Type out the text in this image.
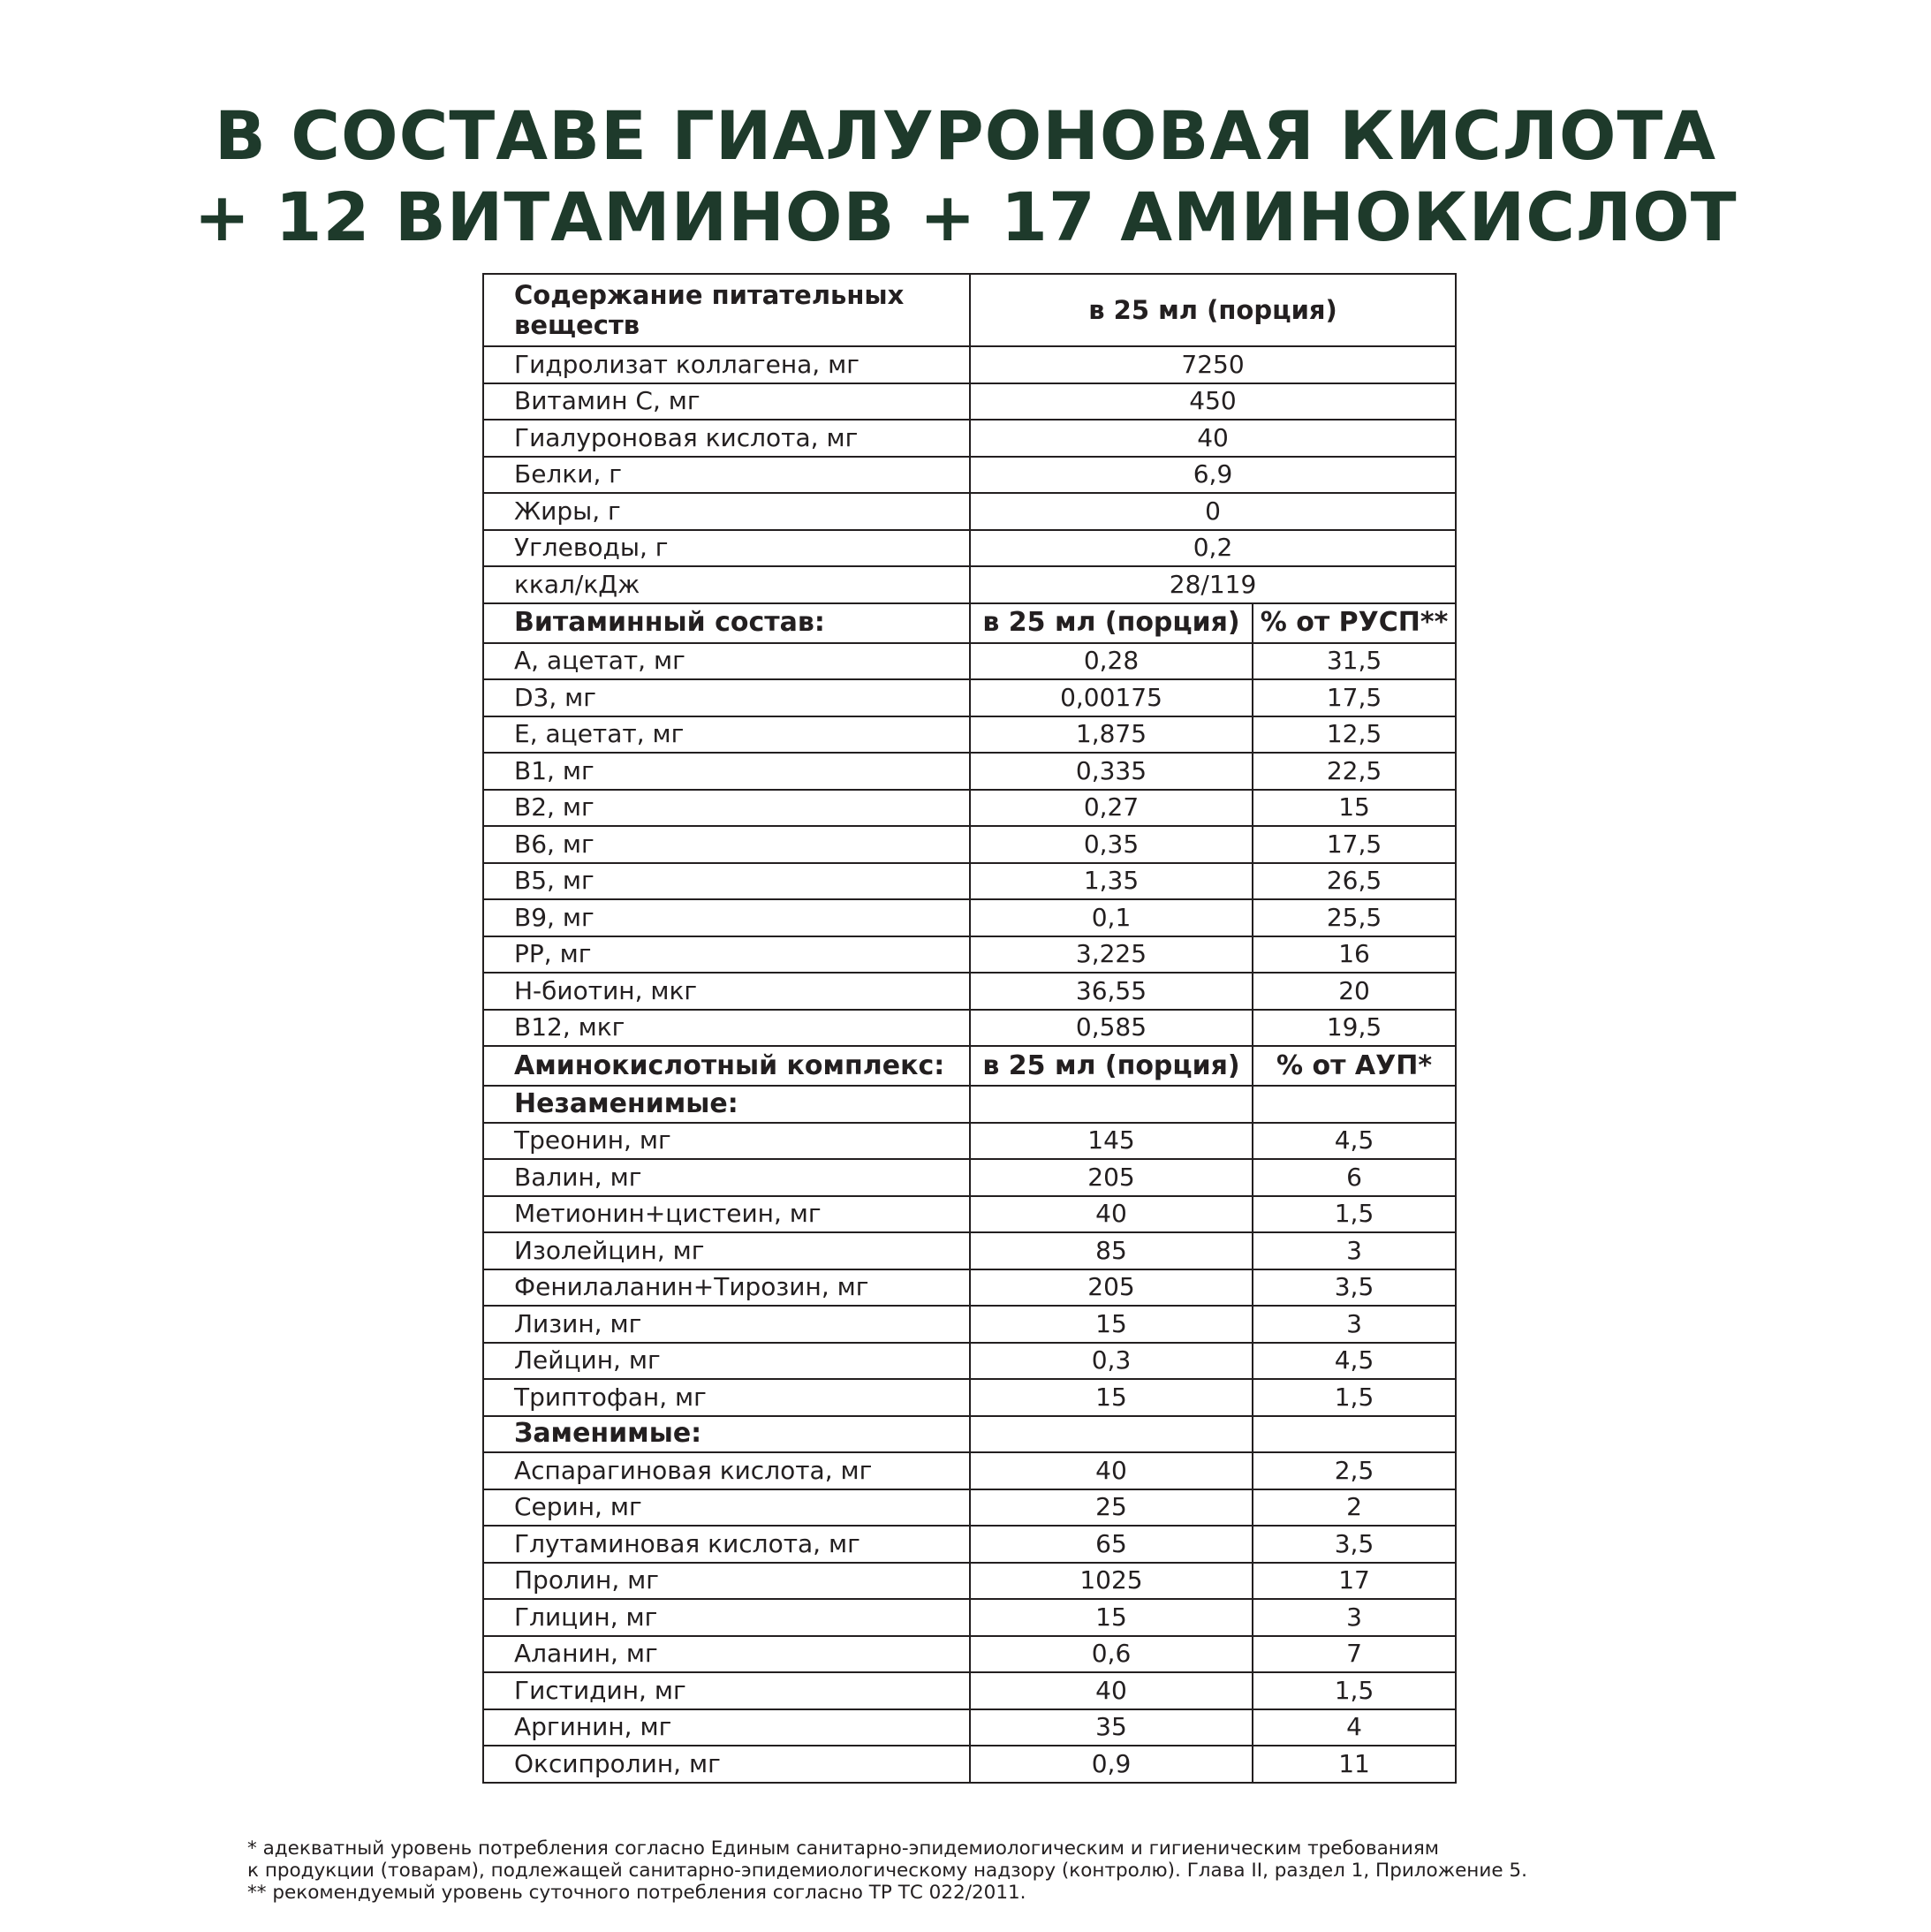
В СОСТАВЕ ГИАЛУРОНОВАЯ КИСЛОТА
+ 12 ВИТАМИНОВ + 17 АМИНОКИСЛОТ
Содержание питательных веществ	в 25 мл (порция)	
Гидролизат коллагена, мг	7250	
Витамин С, мг	450	
Гиалуроновая кислота, мг	40	
Белки, г	6,9	
Жиры, г	0	
Углеводы, г	0,2	
ккал/кДж	28/119	
Витаминный состав:	в 25 мл (порция)	% от РУСП**
А, ацетат, мг	0,28	31,5
D3, мг	0,00175	17,5
Е, ацетат, мг	1,875	12,5
В1, мг	0,335	22,5
В2, мг	0,27	15
В6, мг	0,35	17,5
В5, мг	1,35	26,5
В9, мг	0,1	25,5
РР, мг	3,225	16
Н-биотин, мкг	36,55	20
В12, мкг	0,585	19,5
Аминокислотный комплекс:	в 25 мл (порция)	% от АУП*
Незаменимые:		
Треонин, мг	145	4,5
Валин, мг	205	6
Метионин+цистеин, мг	40	1,5
Изолейцин, мг	85	3
Фенилаланин+Тирозин, мг	205	3,5
Лизин, мг	15	3
Лейцин, мг	0,3	4,5
Триптофан, мг	15	1,5
Заменимые:		
Аспарагиновая кислота, мг	40	2,5
Серин, мг	25	2
Глутаминовая кислота, мг	65	3,5
Пролин, мг	1025	17
Глицин, мг	15	3
Аланин, мг	0,6	7
Гистидин, мг	40	1,5
Аргинин, мг	35	4
Оксипролин, мг	0,9	11
* адекватный уровень потребления согласно Единым санитарно-эпидемиологическим и гигиеническим требованиям
к продукции (товарам), подлежащей санитарно-эпидемиологическому надзору (контролю). Глава II, раздел 1, Приложение 5.
** рекомендуемый уровень суточного потребления согласно ТР ТС 022/2011.
